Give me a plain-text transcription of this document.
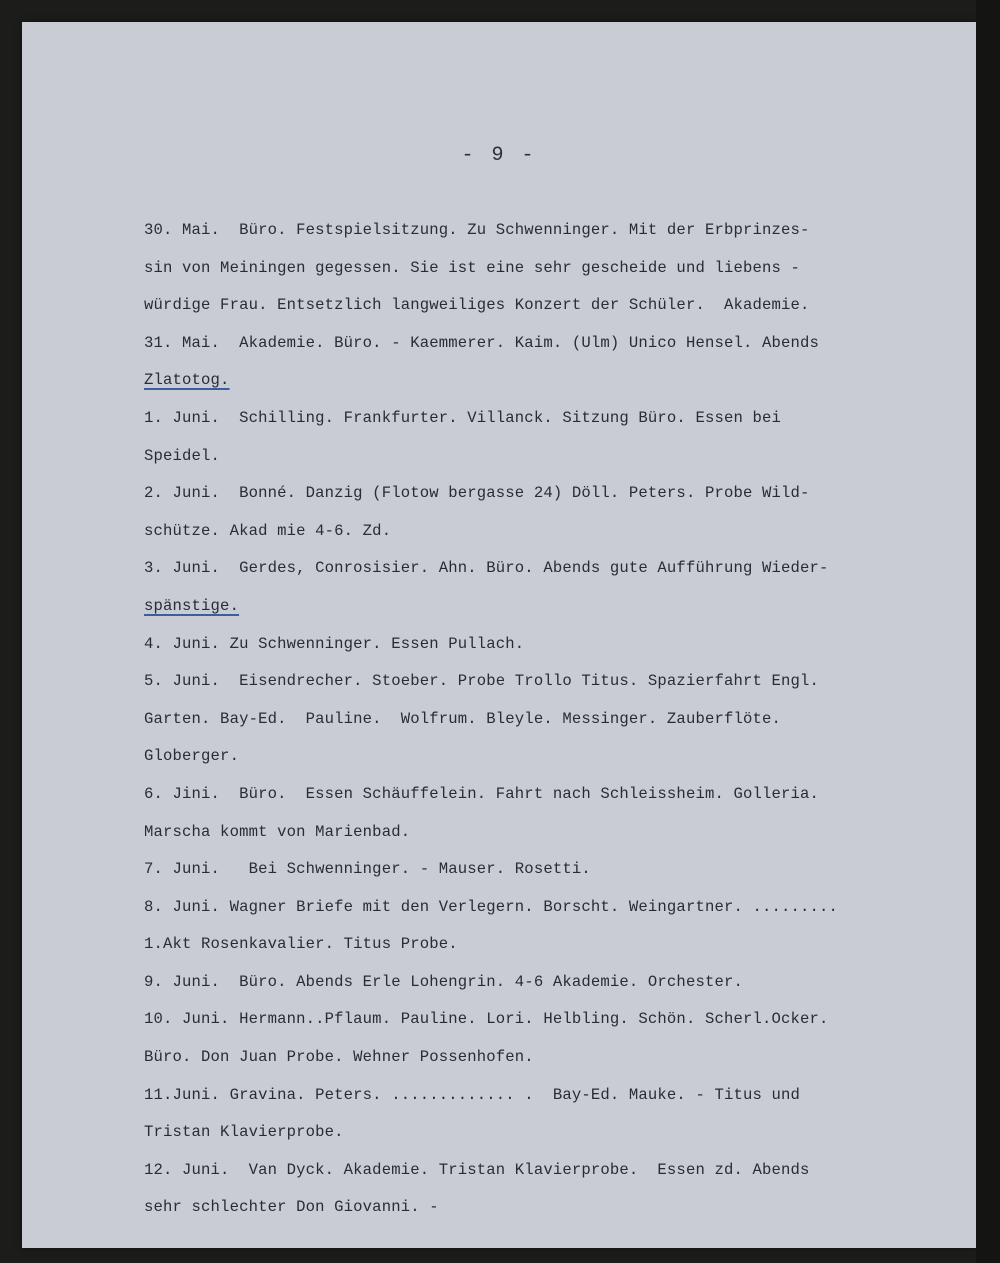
- 9 -
30. Mai.  Büro. Festspielsitzung. Zu Schwenninger. Mit der Erbprinzes-
sin von Meiningen gegessen. Sie ist eine sehr gescheide und liebens -
würdige Frau. Entsetzlich langweiliges Konzert der Schüler.  Akademie.
31. Mai.  Akademie. Büro. - Kaemmerer. Kaim. (Ulm) Unico Hensel. Abends
Zlatotog.
1. Juni.  Schilling. Frankfurter. Villanck. Sitzung Büro. Essen bei
Speidel.
2. Juni.  Bonné. Danzig (Flotow bergasse 24) Döll. Peters. Probe Wild-
schütze. Akad mie 4-6. Zd.
3. Juni.  Gerdes, Conrosisier. Ahn. Büro. Abends gute Aufführung Wieder-
spänstige.
4. Juni. Zu Schwenninger. Essen Pullach.
5. Juni.  Eisendrecher. Stoeber. Probe Trollo Titus. Spazierfahrt Engl.
Garten. Bay-Ed.  Pauline.  Wolfrum. Bleyle. Messinger. Zauberflöte.
Globerger.
6. Jini.  Büro.  Essen Schäuffelein. Fahrt nach Schleissheim. Golleria.
Marscha kommt von Marienbad.
7. Juni.   Bei Schwenninger. - Mauser. Rosetti.
8. Juni. Wagner Briefe mit den Verlegern. Borscht. Weingartner. .........
1.Akt Rosenkavalier. Titus Probe.
9. Juni.  Büro. Abends Erle Lohengrin. 4-6 Akademie. Orchester.
10. Juni. Hermann..Pflaum. Pauline. Lori. Helbling. Schön. Scherl.Ocker.
Büro. Don Juan Probe. Wehner Possenhofen.
11.Juni. Gravina. Peters. ............. .  Bay-Ed. Mauke. - Titus und
Tristan Klavierprobe.
12. Juni.  Van Dyck. Akademie. Tristan Klavierprobe.  Essen zd. Abends
sehr schlechter Don Giovanni. -
